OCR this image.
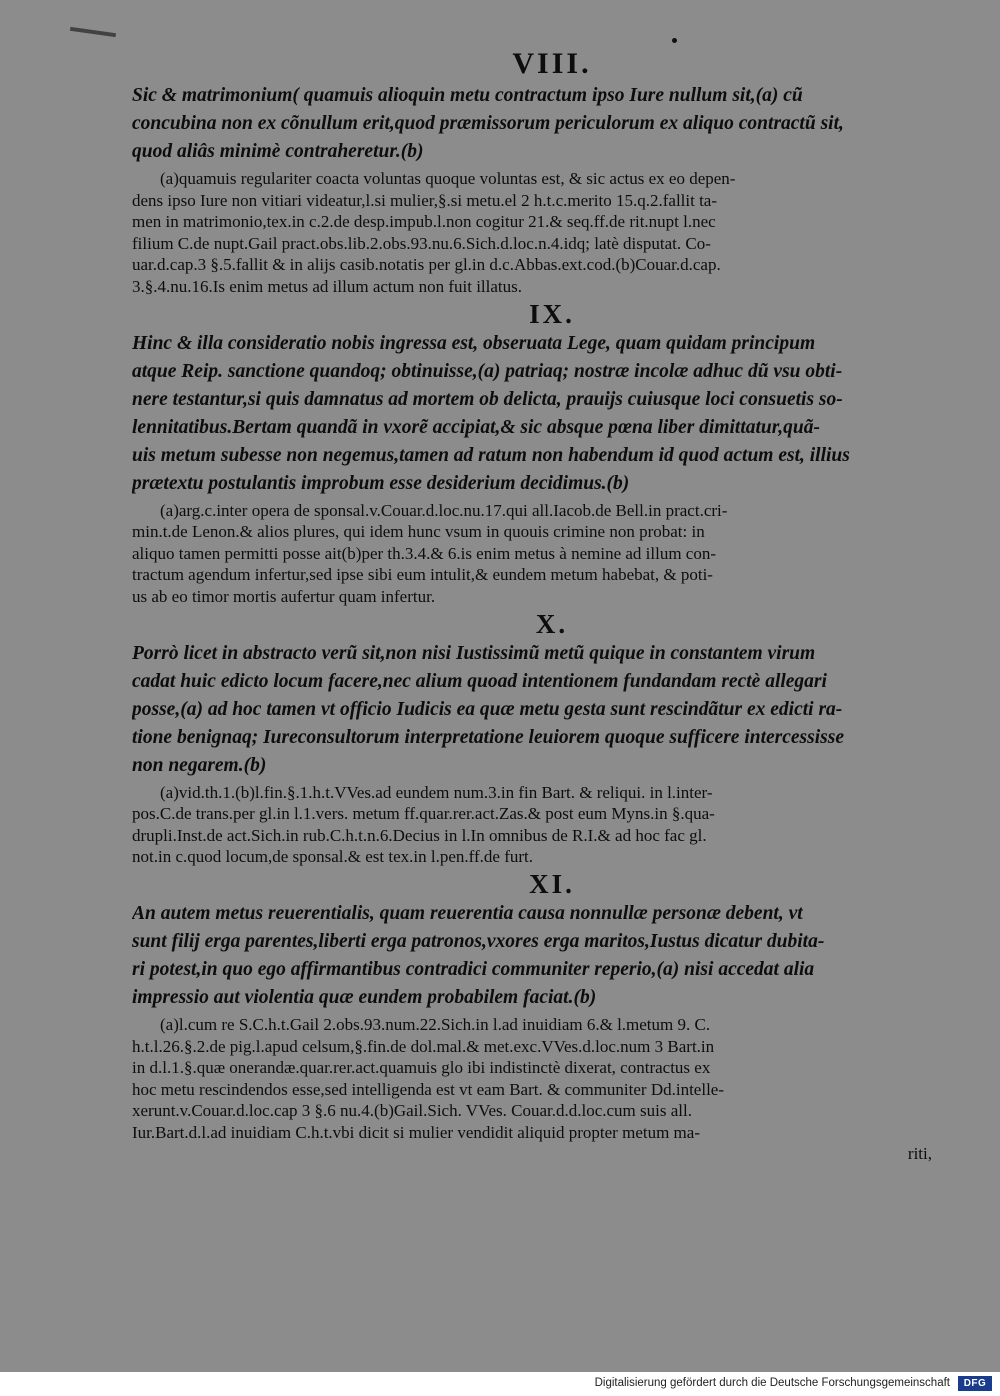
VIII.

Sic & matrimonium( quamuis alioquin metu contractum ipso Iure nullum sit,(a) cũ
concubina non ex cõnullum erit,quod præmissorum periculorum ex aliquo contractũ sit,
quod aliâs minimè contraheretur.(b)

(a)quamuis regulariter coacta voluntas quoque voluntas est, & sic actus ex eo depen-
dens ipso Iure non vitiari videatur,l.si mulier,§.si metu.el 2 h.t.c.merito 15.q.2.fallit ta-
men in matrimonio,tex.in c.2.de desp.impub.l.non cogitur 21.& seq.ff.de rit.nupt l.nec
filium C.de nupt.Gail pract.obs.lib.2.obs.93.nu.6.Sich.d.loc.n.4.idq; latè disputat. Co-
uar.d.cap.3 §.5.fallit & in alijs casib.notatis per gl.in d.c.Abbas.ext.cod.(b)Couar.d.cap.
3.§.4.nu.16.Is enim metus ad illum actum non fuit illatus.

IX.

Hinc & illa consideratio nobis ingressa est, obseruata Lege, quam quidam principum
atque Reip. sanctione quandoq; obtinuisse,(a) patriaq; nostræ incolæ adhuc dũ vsu obti-
nere testantur,si quis damnatus ad mortem ob delicta, prauijs cuiusque loci consuetis so-
lennitatibus.Bertam quandã in vxorẽ accipiat,& sic absque pœna liber dimittatur,quã-
uis metum subesse non negemus,tamen ad ratum non habendum id quod actum est, illius
prætextu postulantis improbum esse desiderium decidimus.(b)

(a)arg.c.inter opera de sponsal.v.Couar.d.loc.nu.17.qui all.Iacob.de Bell.in pract.cri-
min.t.de Lenon.& alios plures, qui idem hunc vsum in quouis crimine non probat: in
aliquo tamen permitti posse ait(b)per th.3.4.& 6.is enim metus à nemine ad illum con-
tractum agendum infertur,sed ipse sibi eum intulit,& eundem metum habebat, & poti-
us ab eo timor mortis aufertur quam infertur.

X.

Porrò licet in abstracto verũ sit,non nisi Iustissimũ metũ quique in constantem virum
cadat huic edicto locum facere,nec alium quoad intentionem fundandam rectè allegari
posse,(a) ad hoc tamen vt officio Iudicis ea quæ metu gesta sunt rescindãtur ex edicti ra-
tione benignaq; Iureconsultorum interpretatione leuiorem quoque sufficere intercessisse
non negarem.(b)

(a)vid.th.1.(b)l.fin.§.1.h.t.VVes.ad eundem num.3.in fin Bart. & reliqui. in l.inter-
pos.C.de trans.per gl.in l.1.vers. metum ff.quar.rer.act.Zas.& post eum Myns.in §.qua-
drupli.Inst.de act.Sich.in rub.C.h.t.n.6.Decius in l.In omnibus de R.I.& ad hoc fac gl.
not.in c.quod locum,de sponsal.& est tex.in l.pen.ff.de furt.

XI.

An autem metus reuerentialis, quam reuerentia causa nonnullæ personæ debent, vt
sunt filij erga parentes,liberti erga patronos,vxores erga maritos,Iustus dicatur dubita-
ri potest,in quo ego affirmantibus contradici communiter reperio,(a) nisi accedat alia
impressio aut violentia quæ eundem probabilem faciat.(b)

(a)l.cum re S.C.h.t.Gail 2.obs.93.num.22.Sich.in l.ad inuidiam 6.& l.metum 9. C.
h.t.l.26.§.2.de pig.l.apud celsum,§.fin.de dol.mal.& met.exc.VVes.d.loc.num 3 Bart.in
in d.l.1.§.quæ onerandæ.quar.rer.act.quamuis glo ibi indistinctè dixerat, contractus ex
hoc metu rescindendos esse,sed intelligenda est vt eam Bart. & communiter Dd.intelle-
xerunt.v.Couar.d.loc.cap 3 §.6 nu.4.(b)Gail.Sich. VVes. Couar.d.d.loc.cum suis all.
Iur.Bart.d.l.ad inuidiam C.h.t.vbi dicit si mulier vendidit aliquid propter metum ma-
riti,

Digitalisierung gefördert durch die Deutsche Forschungsgemeinschaft	DFG
